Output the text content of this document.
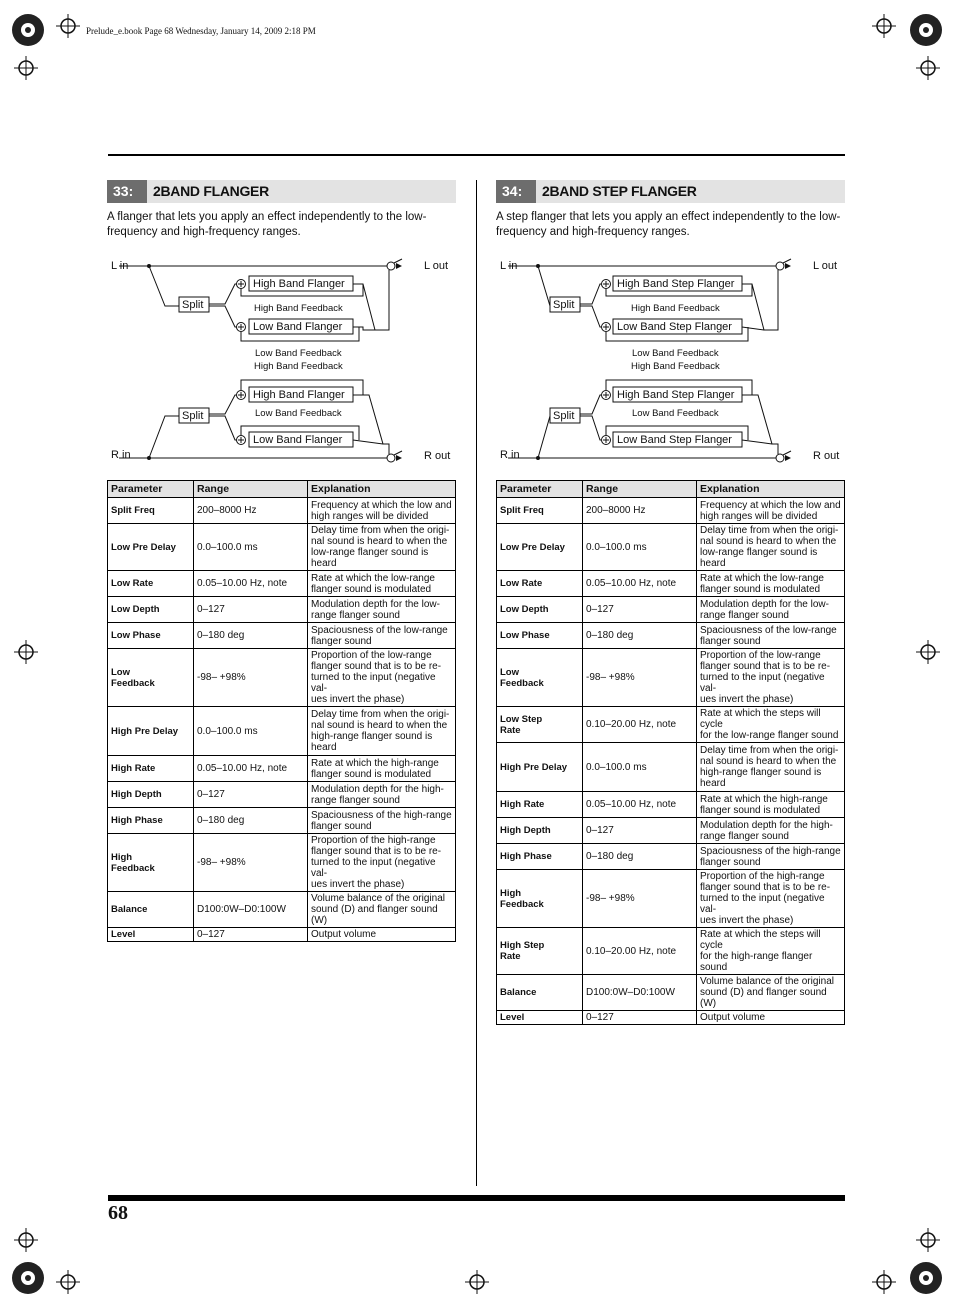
Prelude_e.book Page 68 Wednesday, January 14, 2009 2:18 PM
68
33:	2BAND FLANGER
A flanger that lets you apply an effect independently to the low-frequency and high-frequency ranges.
L in	L out
R in	R out
Split
Split
High Band Flanger
Low Band Flanger
High Band Flanger
Low Band Flanger
High Band Feedback
Low Band Feedback
High Band Feedback
Low Band Feedback
Parameter	Range	Explanation
Split Freq	200–8000 Hz	Frequency at which the low and high ranges will be divided
Low Pre Delay	0.0–100.0 ms	Delay time from when the origi-
nal sound is heard to when the
low-range flanger sound is heard
Low Rate	0.05–10.00 Hz, note	Rate at which the low-range
flanger sound is modulated
Low Depth	0–127	Modulation depth for the low-
range flanger sound
Low Phase	0–180 deg	Spaciousness of the low-range
flanger sound
Low
Feedback	-98– +98%	Proportion of the low-range
flanger sound that is to be re-
turned to the input (negative val-
ues invert the phase)
High Pre Delay	0.0–100.0 ms	Delay time from when the origi-
nal sound is heard to when the
high-range flanger sound is
heard
High Rate	0.05–10.00 Hz, note	Rate at which the high-range
flanger sound is modulated
High Depth	0–127	Modulation depth for the high-
range flanger sound
High Phase	0–180 deg	Spaciousness of the high-range
flanger sound
High
Feedback	-98– +98%	Proportion of the high-range
flanger sound that is to be re-
turned to the input (negative val-
ues invert the phase)
Balance	D100:0W–D0:100W	Volume balance of the original
sound (D) and flanger sound (W)
Level	0–127	Output volume
34:	2BAND STEP FLANGER
A step flanger that lets you apply an effect independently to the low-frequency and high-frequency ranges.
L in	L out
R in	R out
Split
Split
High Band Step Flanger
Low Band Step Flanger
High Band Step Flanger
Low Band Step Flanger
High Band Feedback
Low Band Feedback
High Band Feedback
Low Band Feedback
Parameter	Range	Explanation
Split Freq	200–8000 Hz	Frequency at which the low and
high ranges will be divided
Low Pre Delay	0.0–100.0 ms	Delay time from when the origi-
nal sound is heard to when the
low-range flanger sound is heard
Low Rate	0.05–10.00 Hz, note	Rate at which the low-range
flanger sound is modulated
Low Depth	0–127	Modulation depth for the low-
range flanger sound
Low Phase	0–180 deg	Spaciousness of the low-range
flanger sound
Low
Feedback	-98– +98%	Proportion of the low-range
flanger sound that is to be re-
turned to the input (negative val-
ues invert the phase)
Low Step
Rate	0.10–20.00 Hz, note	Rate at which the steps will cycle
for the low-range flanger sound
High Pre Delay	0.0–100.0 ms	Delay time from when the origi-
nal sound is heard to when the
high-range flanger sound is
heard
High Rate	0.05–10.00 Hz, note	Rate at which the high-range
flanger sound is modulated
High Depth	0–127	Modulation depth for the high-
range flanger sound
High Phase	0–180 deg	Spaciousness of the high-range
flanger sound
High
Feedback	-98– +98%	Proportion of the high-range
flanger sound that is to be re-
turned to the input (negative val-
ues invert the phase)
High Step
Rate	0.10–20.00 Hz, note	Rate at which the steps will cycle
for the high-range flanger sound
Balance	D100:0W–D0:100W	Volume balance of the original
sound (D) and flanger sound (W)
Level	0–127	Output volume
